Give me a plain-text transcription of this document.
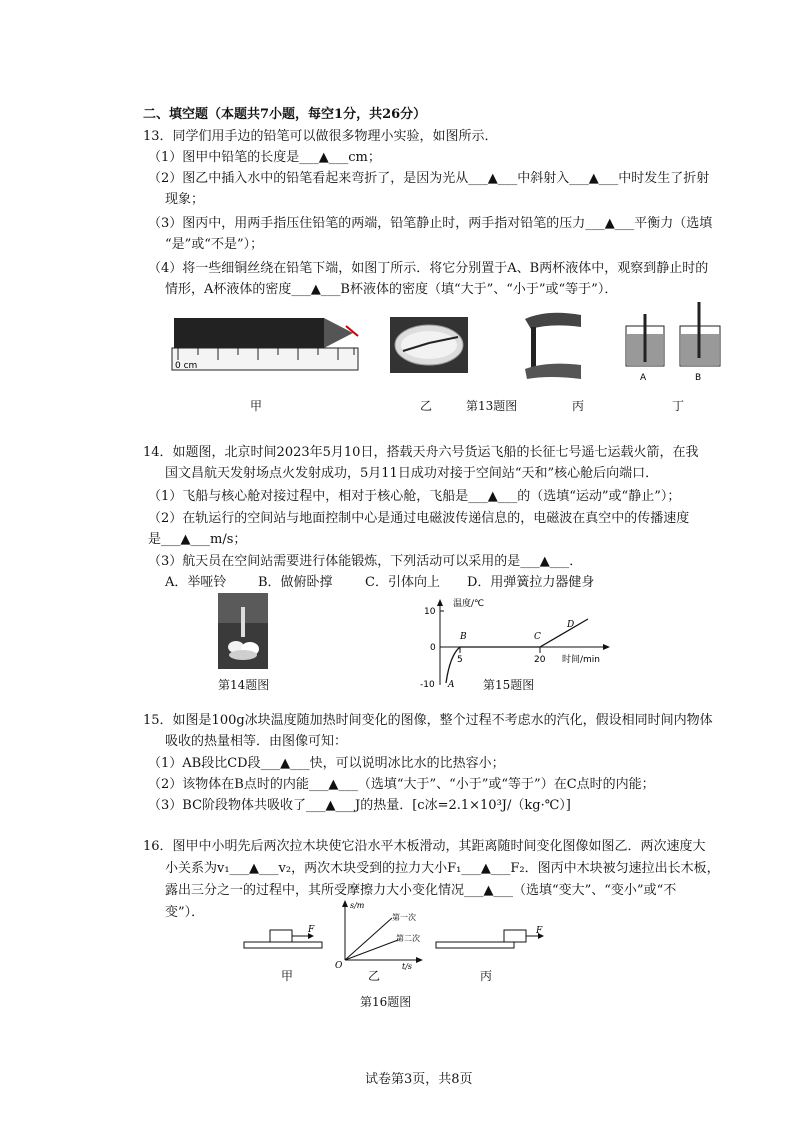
二、填空题（本题共7小题，每空1分，共26分）
13．同学们用手边的铅笔可以做很多物理小实验，如图所示．
（1）图甲中铅笔的长度是___▲___cm；
（2）图乙中插入水中的铅笔看起来弯折了，是因为光从___▲___中斜射入___▲___中时发生了折射
现象；
（3）图丙中，用两手指压住铅笔的两端，铅笔静止时，两手指对铅笔的压力___▲___平衡力（选填
“是”或“不是”）；
（4）将一些细铜丝绕在铅笔下端，如图丁所示．将它分别置于A、B两杯液体中，观察到静止时的
情形，A杯液体的密度___▲___B杯液体的密度（填“大于”、“小于”或“等于”）．
0 cm
A	B
甲	乙	第13题图	丙	丁
14．如题图，北京时间2023年5月10日，搭载天舟六号货运飞船的长征七号遥七运载火箭，在我
国文昌航天发射场点火发射成功，5月11日成功对接于空间站“天和”核心舱后向端口．
（1）飞船与核心舱对接过程中，相对于核心舱，飞船是___▲___的（选填“运动”或“静止”）；
（2）在轨运行的空间站与地面控制中心是通过电磁波传递信息的，电磁波在真空中的传播速度
是___▲___m/s；
（3）航天员在空间站需要进行体能锻炼，下列活动可以采用的是___▲___．
A．举哑铃 B．做俯卧撑 C．引体向上 D．用弹簧拉力器健身
第14题图
温度/℃
10
0
-10
5	20 时间/min
A
B	C
D
第15题图
15．如图是100g冰块温度随加热时间变化的图像，整个过程不考虑水的汽化，假设相同时间内物体
吸收的热量相等．由图像可知：
（1）AB段比CD段___▲___快，可以说明冰比水的比热容小；
（2）该物体在B点时的内能___▲___（选填“大于”、“小于”或“等于”）在C点时的内能；
（3）BC阶段物体共吸收了___▲___J的热量．[c冰=2.1×10³J/（kg·℃）]
16．图甲中小明先后两次拉木块使它沿水平木板滑动，其距离随时间变化图像如图乙．两次速度大
小关系为v₁___▲___v₂，两次木块受到的拉力大小F₁___▲___F₂．图丙中木块被匀速拉出长木板，
露出三分之一的过程中，其所受摩擦力大小变化情况___▲___（选填“变大”、“变小”或“不
变”）．
F
s/m
t/s
O
第一次
第二次
F
甲	乙	丙
第16题图
试卷第3页，共8页
